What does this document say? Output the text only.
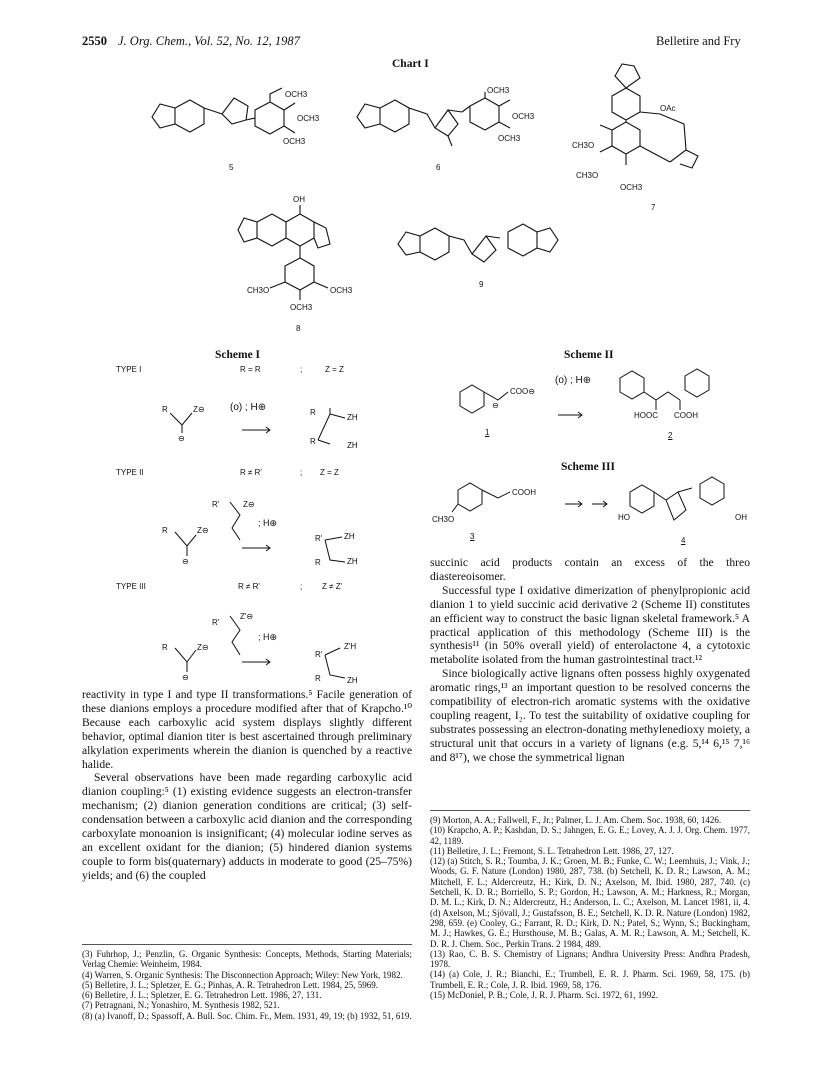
2550 J. Org. Chem., Vol. 52, No. 12, 1987	Belletire and Fry
Chart I
OCH3
OCH3
OCH3
OCH3
OCH3
OCH3
OAc
CH3O
CH3O
OCH3
OH
CH3O	OCH3
OCH3
5	6
7
8
9
Scheme I
TYPE I	R = R	;	Z = Z
TYPE II	R ≠ R'	; Z = Z
TYPE III	R ≠ R'	; Z ≠ Z'
(o) ; H⊕
; H⊕
; H⊕
R	Z⊖
⊖
R
ZH
R	ZH
R'	Z⊖
R	Z⊖
⊖
R'	ZH
R	ZH
R'
Z'⊖
R	Z⊖
⊖
R'
Z'H
R	ZH
Scheme II
(o) ; H⊕
COO⊖
⊖
HOOC COOH
1	2
Scheme III
COOH
CH3O	HO	OH
3	4

reactivity in type I and type II transformations.⁵ Facile generation of these dianions employs a procedure modified after that of Krapcho.¹⁰ Because each carboxylic acid system displays slightly different behavior, optimal dianion titer is best ascertained through preliminary alkylation experiments wherein the dianion is quenched by a reactive halide.

Several observations have been made regarding carboxylic acid dianion coupling:⁵ (1) existing evidence suggests an electron-transfer mechanism; (2) dianion generation conditions are critical; (3) self-condensation between a carboxylic acid dianion and the corresponding carboxylate monoanion is insignificant; (4) molecular iodine serves as an excellent oxidant for the dianion; (5) hindered dianion systems couple to form bis(quaternary) adducts in moderate to good (25–75%) yields; and (6) the coupled

succinic acid products contain an excess of the threo diastereoisomer.

Successful type I oxidative dimerization of phenylpropionic acid dianion 1 to yield succinic acid derivative 2 (Scheme II) constitutes an efficient way to construct the basic lignan skeletal framework.⁵ A practical application of this methodology (Scheme III) is the synthesis¹¹ (in 50% overall yield) of enterolactone 4, a cytotoxic metabolite isolated from the human gastrointestinal tract.¹²

Since biologically active lignans often possess highly oxygenated aromatic rings,¹³ an important question to be resolved concerns the compatibility of electron-rich aromatic systems with the oxidative coupling reagent, I₂. To test the suitability of oxidative coupling for substrates possessing an electron-donating methylenedioxy moiety, a structural unit that occurs in a variety of lignans (e.g. 5,¹⁴ 6,¹⁵ 7,¹⁶ and 8¹⁷), we chose the symmetrical lignan

(3) Fuhrhop, J.; Penzlin, G. Organic Synthesis: Concepts, Methods, Starting Materials; Verlag Chemie: Weinheim, 1984.

(4) Warren, S. Organic Synthesis: The Disconnection Approach; Wiley: New York, 1982.

(5) Belletire, J. L.; Spletzer, E. G.; Pinhas, A. R. Tetrahedron Lett. 1984, 25, 5969.

(6) Belletire, J. L.; Spletzer, E. G. Tetrahedron Lett. 1986, 27, 131.

(7) Petragnani, N.; Yonashiro, M. Synthesis 1982, 521.

(8) (a) Ivanoff, D.; Spassoff, A. Bull. Soc. Chim. Fr., Mem. 1931, 49, 19; (b) 1932, 51, 619.

(9) Morton, A. A.; Fallwell, F., Jr.; Palmer, L. J. Am. Chem. Soc. 1938, 60, 1426.

(10) Krapcho, A. P.; Kashdan, D. S.; Jahngen, E. G. E.; Lovey, A. J. J. Org. Chem. 1977, 42, 1189.

(11) Belletire, J. L.; Fremont, S. L. Tetrahedron Lett. 1986, 27, 127.

(12) (a) Stitch, S. R.; Toumba, J. K.; Groen, M. B.; Funke, C. W.; Leemhuis, J.; Vink, J.; Woods, G. F. Nature (London) 1980, 287, 738. (b) Setchell, K. D. R.; Lawson, A. M.; Mitchell, F. L.; Aldercreutz, H.; Kirk, D. N.; Axelson, M. Ibid. 1980, 287, 740. (c) Setchell, K. D. R.; Borriello, S. P.; Gordon, H.; Lawson, A. M.; Harkness, R.; Morgan, D. M. L.; Kirk, D. N.; Aldercreutz, H.; Anderson, L. C.; Axelson, M. Lancet 1981, ii, 4. (d) Axelson, M.; Sjövall, J.; Gustafsson, B. E.; Setchell, K. D. R. Nature (London) 1982, 298, 659. (e) Cooley, G.; Farrant, R. D.; Kirk, D. N.; Patel, S.; Wynn, S.; Buckingham, M. J.; Hawkes, G. E.; Hursthouse, M. B.; Galas, A. M. R.; Lawson, A. M.; Setchell, K. D. R. J. Chem. Soc., Perkin Trans. 2 1984, 489.

(13) Rao, C. B. S. Chemistry of Lignans; Andhra University Press: Andhra Pradesh, 1978.

(14) (a) Cole, J. R.; Bianchi, E.; Trumbell, E. R. J. Pharm. Sci. 1969, 58, 175. (b) Trumbell, E. R.; Cole, J. R. Ibid. 1969, 58, 176.

(15) McDoniel, P. B.; Cole, J. R. J. Pharm. Sci. 1972, 61, 1992.
